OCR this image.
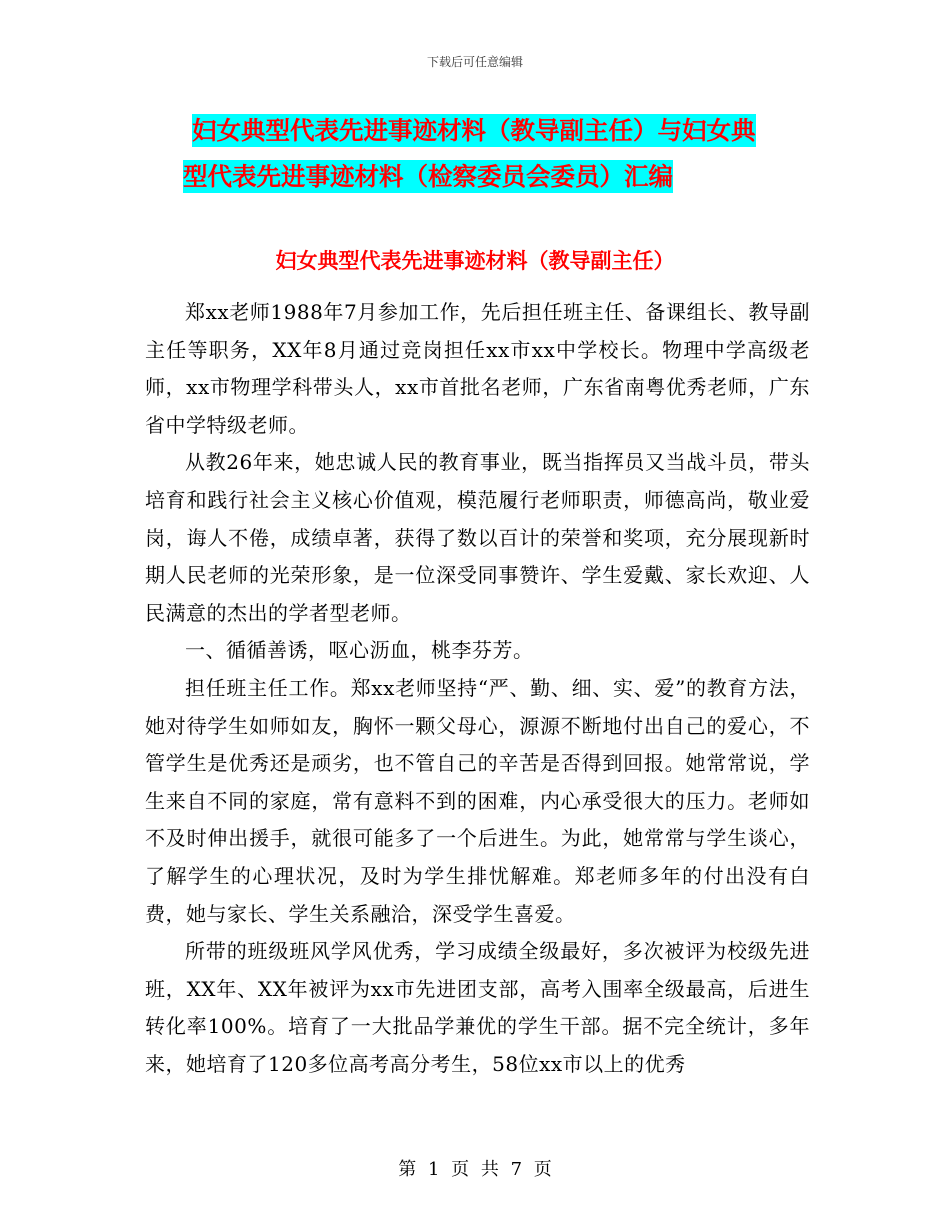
下载后可任意编辑
妇女典型代表先进事迹材料（教导副主任）与妇女典
型代表先进事迹材料（检察委员会委员）汇编
妇女典型代表先进事迹材料（教导副主任）

郑xx老师1988年7月参加工作，先后担任班主任、备课组长、教导副主任等职务，XX年8月通过竞岗担任xx市xx中学校长。物理中学高级老师，xx市物理学科带头人，xx市首批名老师，广东省南粤优秀老师，广东省中学特级老师。

从教26年来，她忠诚人民的教育事业，既当指挥员又当战斗员，带头培育和践行社会主义核心价值观，模范履行老师职责，师德高尚，敬业爱岗，诲人不倦，成绩卓著，获得了数以百计的荣誉和奖项，充分展现新时期人民老师的光荣形象，是一位深受同事赞许、学生爱戴、家长欢迎、人民满意的杰出的学者型老师。

一、循循善诱，呕心沥血，桃李芬芳。

担任班主任工作。郑xx老师坚持“严、勤、细、实、爱”的教育方法，她对待学生如师如友，胸怀一颗父母心，源源不断地付出自己的爱心，不管学生是优秀还是顽劣，也不管自己的辛苦是否得到回报。她常常说，学生来自不同的家庭，常有意料不到的困难，内心承受很大的压力。老师如不及时伸出援手，就很可能多了一个后进生。为此，她常常与学生谈心，了解学生的心理状况，及时为学生排忧解难。郑老师多年的付出没有白费，她与家长、学生关系融洽，深受学生喜爱。

所带的班级班风学风优秀，学习成绩全级最好，多次被评为校级先进班，XX年、XX年被评为xx市先进团支部，高考入围率全级最高，后进生转化率100%。培育了一大批品学兼优的学生干部。据不完全统计，多年来，她培育了120多位高考高分考生，58位xx市以上的优秀

第 1 页 共 7 页
